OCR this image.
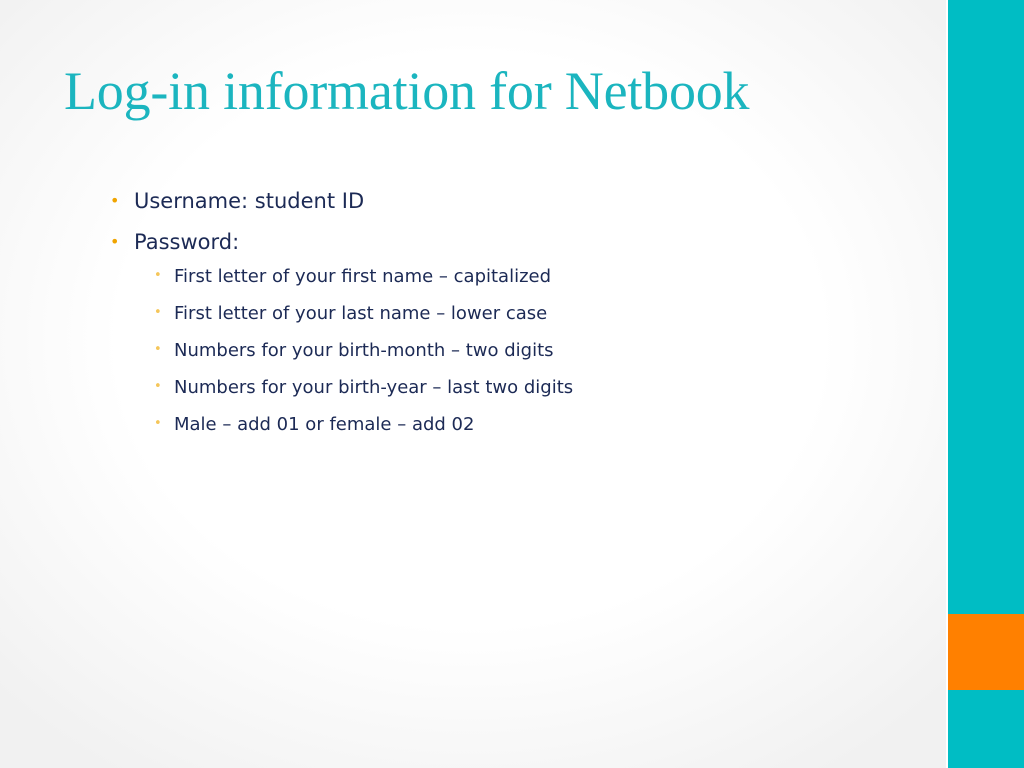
Log-in information for Netbook
• Username: student ID
• Password:
• First letter of your first name – capitalized
• First letter of your last name – lower case
• Numbers for your birth-month – two digits
• Numbers for your birth-year – last two digits
• Male – add 01 or female – add 02
